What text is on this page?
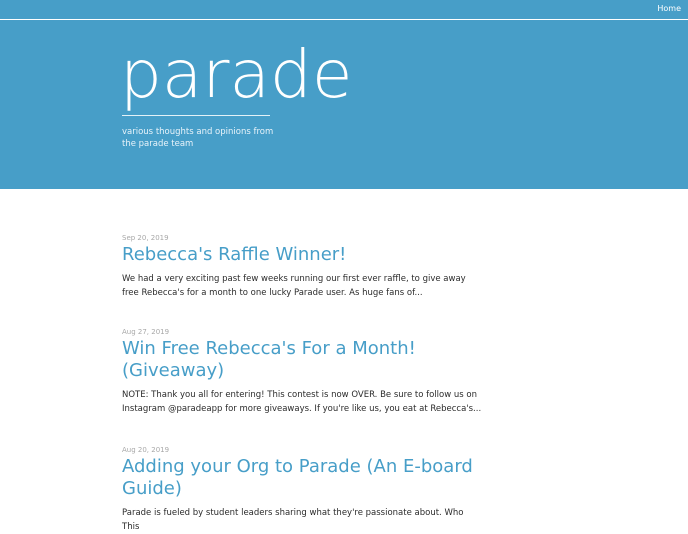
Home
parade
various thoughts and opinions from the parade team
Sep 20, 2019
Rebecca's Raffle Winner!
We had a very exciting past few weeks running our first ever raffle, to give away free Rebecca's for a month to one lucky Parade user. As huge fans of...
Aug 27, 2019
Win Free Rebecca's For a Month! (Giveaway)
NOTE: Thank you all for entering! This contest is now OVER. Be sure to follow us on Instagram @paradeapp for more giveaways. If you're like us, you eat at Rebecca's...
Aug 20, 2019
Adding your Org to Parade (An E-board Guide)
Parade is fueled by student leaders sharing what they're passionate about. Who This
